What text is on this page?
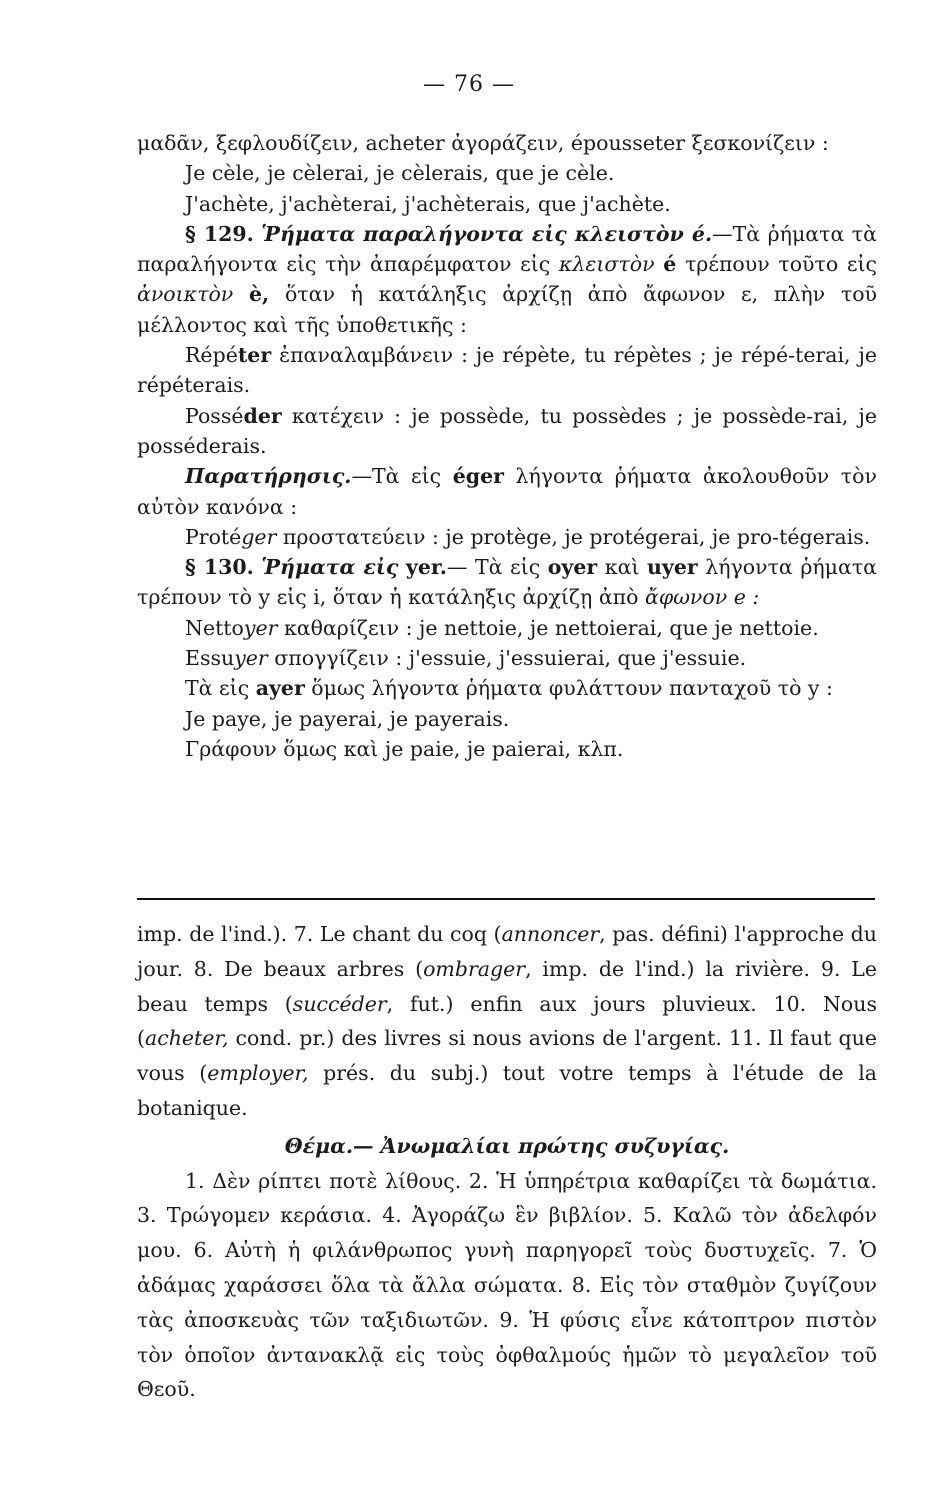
— 76 —

μαδᾶν, ξεφλουδίζειν, acheter ἀγοράζειν, épousseter ξεσκονίζειν :

Je cèle, je cèlerai, je cèlerais, que je cèle.

J'achète, j'achèterai, j'achèterais, que j'achète.

§ 129. Ῥήματα παραλήγοντα εἰς κλειστὸν é.—Τὰ ῥήματα τὰ παραλήγοντα εἰς τὴν ἀπαρέμφατον εἰς κλειστὸν é τρέπουν τοῦτο εἰς ἀνοικτὸν è, ὅταν ἡ κατάληξις ἀρχίζῃ ἀπὸ ἄφωνον ε, πλὴν τοῦ μέλλοντος καὶ τῆς ὑποθετικῆς :

Répéter ἐπαναλαμβάνειν : je répète, tu répètes ; je répé-terai, je répéterais.

Posséder κατέχειν : je possède, tu possèdes ; je possède-rai, je posséderais.

Παρατήρησις.—Τὰ εἰς éger λήγοντα ῥήματα ἀκολουθοῦν τὸν αὐτὸν κανόνα :

Protéger προστατεύειν : je protège, je protégerai, je pro-tégerais.

§ 130. Ῥήματα εἰς yer.— Τὰ εἰς oyer καὶ uyer λήγοντα ῥήματα τρέπουν τὸ y εἰς i, ὅταν ἡ κατάληξις ἀρχίζῃ ἀπὸ ἄφωνον e :

Nettoyer καθαρίζειν : je nettoie, je nettoierai, que je nettoie.

Essuyer σπογγίζειν : j'essuie, j'essuierai, que j'essuie.

Τὰ εἰς ayer ὅμως λήγοντα ῥήματα φυλάττουν πανταχοῦ τὸ y :

Je paye, je payerai, je payerais.

Γράφουν ὅμως καὶ je paie, je paierai, κλπ.

imp. de l'ind.). 7. Le chant du coq (annoncer, pas. défini) l'approche du jour. 8. De beaux arbres (ombrager, imp. de l'ind.) la rivière. 9. Le beau temps (succéder, fut.) enfin aux jours pluvieux. 10. Nous (acheter, cond. pr.) des livres si nous avions de l'argent. 11. Il faut que vous (employer, prés. du subj.) tout votre temps à l'étude de la botanique.

Θέμα.— Ἀνωμαλίαι πρώτης συζυγίας.

1. Δὲν ρίπτει ποτὲ λίθους. 2. Ἡ ὑπηρέτρια καθαρίζει τὰ δωμάτια. 3. Τρώγομεν κεράσια. 4. Ἀγοράζω ἓν βιβλίον. 5. Καλῶ τὸν ἀδελφόν μου. 6. Αὐτὴ ἡ φιλάνθρωπος γυνὴ παρηγορεῖ τοὺς δυστυχεῖς. 7. Ὁ ἀδάμας χαράσσει ὅλα τὰ ἄλλα σώματα. 8. Εἰς τὸν σταθμὸν ζυγίζουν τὰς ἀποσκευὰς τῶν ταξιδιωτῶν. 9. Ἡ φύσις εἶνε κάτοπτρον πιστὸν τὸν ὁποῖον ἀντανακλᾷ εἰς τοὺς ὀφθαλμούς ἡμῶν τὸ μεγαλεῖον τοῦ Θεοῦ.
